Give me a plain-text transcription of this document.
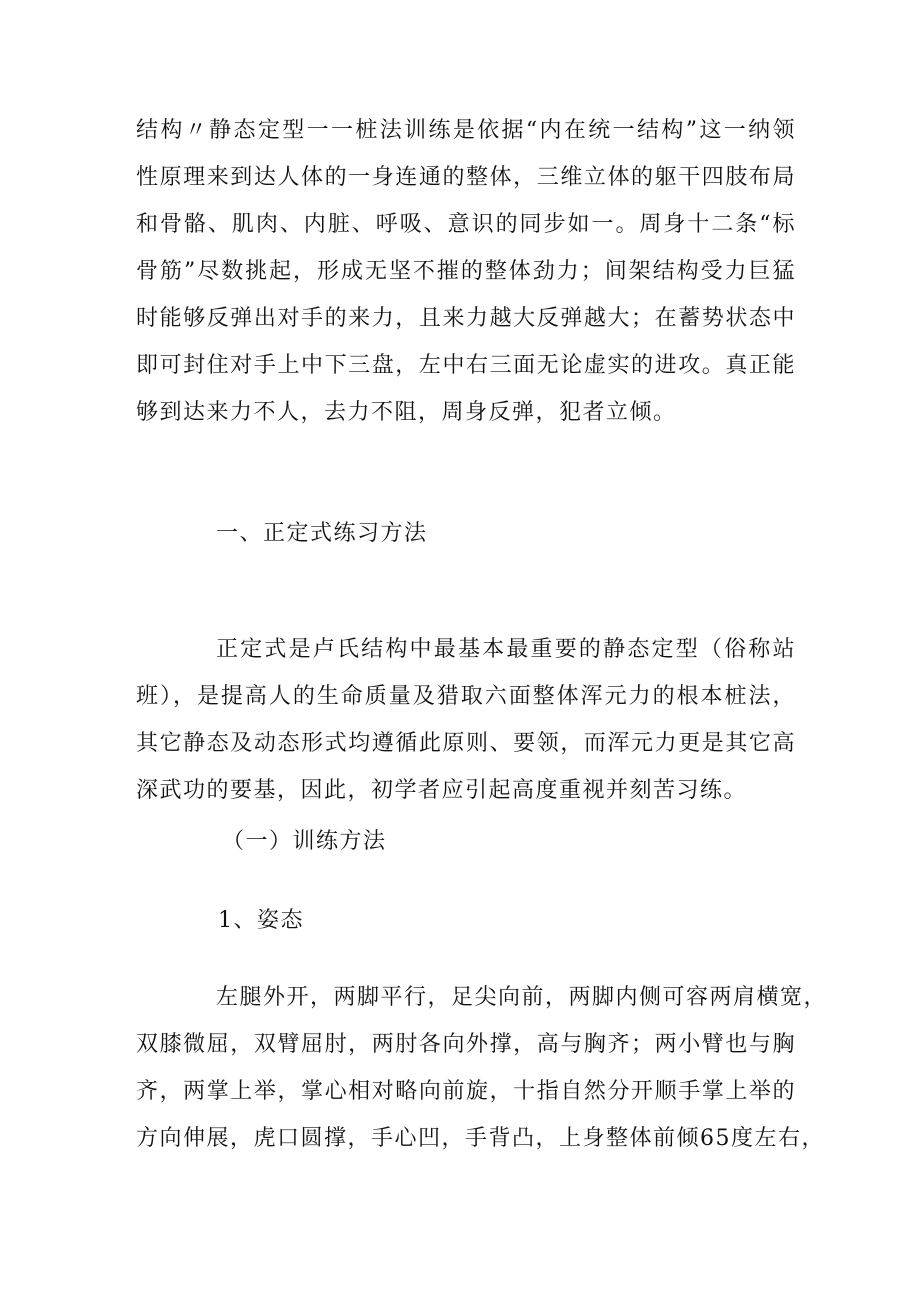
结构〃静态定型一一桩法训练是依据“内在统一结构”这一纳领
性原理来到达人体的一身连通的整体，三维立体的躯干四肢布局
和骨骼、肌肉、内脏、呼吸、意识的同步如一。周身十二条“标
骨筋”尽数挑起，形成无坚不摧的整体劲力；间架结构受力巨猛
时能够反弹出对手的来力，且来力越大反弹越大；在蓄势状态中
即可封住对手上中下三盘，左中右三面无论虚实的进攻。真正能
够到达来力不人，去力不阻，周身反弹，犯者立倾。
一、正定式练习方法
正定式是卢氏结构中最基本最重要的静态定型（俗称站
班），是提高人的生命质量及猎取六面整体浑元力的根本桩法，
其它静态及动态形式均遵循此原则、要领，而浑元力更是其它高
深武功的要基，因此，初学者应引起高度重视并刻苦习练。
（一）训练方法
1、姿态
左腿外开，两脚平行，足尖向前，两脚内侧可容两肩横宽，
双膝微屈，双臂屈肘，两肘各向外撑，高与胸齐；两小臂也与胸
齐，两掌上举，掌心相对略向前旋，十指自然分开顺手掌上举的
方向伸展，虎口圆撑，手心凹，手背凸，上身整体前倾65度左右，
